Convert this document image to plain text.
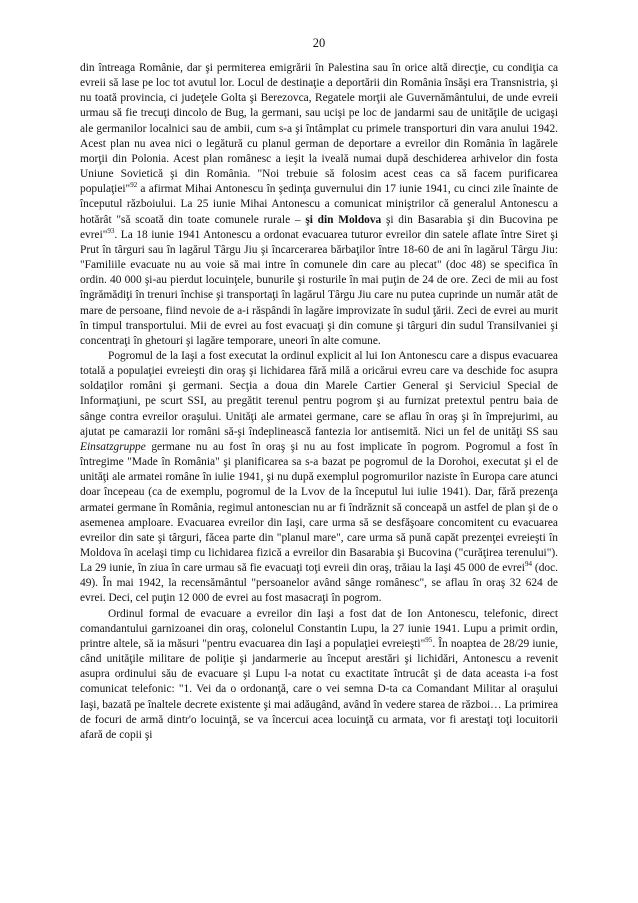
20

din întreaga Românie, dar şi permiterea emigrării în Palestina sau în orice altă direcţie, cu condiţia ca evreii să lase pe loc tot avutul lor. Locul de destinaţie a deportării din România însăşi era Transnistria, şi nu toată provincia, ci judeţele Golta şi Berezovca, Regatele morţii ale Guvernământului, de unde evreii urmau să fie trecuţi dincolo de Bug, la germani, sau ucişi pe loc de jandarmi sau de unităţile de ucigaşi ale germanilor localnici sau de ambii, cum s-a şi întâmplat cu primele transporturi din vara anului 1942. Acest plan nu avea nici o legătură cu planul german de deportare a evreilor din România în lagărele morţii din Polonia. Acest plan românesc a ieşit la iveală numai după deschiderea arhivelor din fosta Uniune Sovietică şi din România. "Noi trebuie să folosim acest ceas ca să facem purificarea populaţiei"$^{92}$ a afirmat Mihai Antonescu în şedinţa guvernului din 17 iunie 1941, cu cinci zile înainte de începutul războiului. La 25 iunie Mihai Antonescu a comunicat miniştrilor că generalul Antonescu a hotărât "să scoată din toate comunele rurale – şi din Moldova şi din Basarabia şi din Bucovina pe evrei"$^{93}$. La 18 iunie 1941 Antonescu a ordonat evacuarea tuturor evreilor din satele aflate între Siret şi Prut în târguri sau în lagărul Târgu Jiu şi încarcerarea bărbaţilor între 18-60 de ani în lagărul Târgu Jiu: "Familiile evacuate nu au voie să mai intre în comunele din care au plecat" (doc 48) se specifica în ordin. 40 000 şi-au pierdut locuinţele, bunurile şi rosturile în mai puţin de 24 de ore. Zeci de mii au fost îngrămădiţi în trenuri închise şi transportaţi în lagărul Târgu Jiu care nu putea cuprinde un număr atât de mare de persoane, fiind nevoie de a-i răspândi în lagăre improvizate în sudul ţării. Zeci de evrei au murit în timpul transportului. Mii de evrei au fost evacuaţi şi din comune şi târguri din sudul Transilvaniei şi concentraţi în ghetouri şi lagăre temporare, uneori în alte comune.

Pogromul de la Iaşi a fost executat la ordinul explicit al lui Ion Antonescu care a dispus evacuarea totală a populaţiei evreieşti din oraş şi lichidarea fără milă a oricărui evreu care va deschide foc asupra soldaţilor români şi germani. Secţia a doua din Marele Cartier General şi Serviciul Special de Informaţiuni, pe scurt SSI, au pregătit terenul pentru pogrom şi au furnizat pretextul pentru baia de sânge contra evreilor oraşului. Unităţi ale armatei germane, care se aflau în oraş şi în împrejurimi, au ajutat pe camarazii lor români să-şi îndeplinească fantezia lor antisemită. Nici un fel de unităţi SS sau Einsatzgruppe germane nu au fost în oraş şi nu au fost implicate în pogrom. Pogromul a fost în întregime "Made în România" şi planificarea sa s-a bazat pe pogromul de la Dorohoi, executat şi el de unităţi ale armatei române în iulie 1941, şi nu după exemplul pogromurilor naziste în Europa care atunci doar începeau (ca de exemplu, pogromul de la Lvov de la începutul lui iulie 1941). Dar, fără prezenţa armatei germane în România, regimul antonescian nu ar fi îndrăznit să conceapă un astfel de plan şi de o asemenea amploare. Evacuarea evreilor din Iaşi, care urma să se desfăşoare concomitent cu evacuarea evreilor din sate şi târguri, făcea parte din "planul mare", care urma să pună capăt prezenţei evreieşti în Moldova în acelaşi timp cu lichidarea fizică a evreilor din Basarabia şi Bucovina ("curăţirea terenului"). La 29 iunie, în ziua în care urmau să fie evacuaţi toţi evreii din oraş, trăiau la Iaşi 45 000 de evrei$^{94}$ (doc. 49). În mai 1942, la recensământul "persoanelor având sânge românesc", se aflau în oraş 32 624 de evrei. Deci, cel puţin 12 000 de evrei au fost masacraţi în pogrom.

Ordinul formal de evacuare a evreilor din Iaşi a fost dat de Ion Antonescu, telefonic, direct comandantului garnizoanei din oraş, colonelul Constantin Lupu, la 27 iunie 1941. Lupu a primit ordin, printre altele, să ia măsuri "pentru evacuarea din Iaşi a populaţiei evreieşti"$^{95}$. În noaptea de 28/29 iunie, când unităţile militare de poliţie şi jandarmerie au început arestări şi lichidări, Antonescu a revenit asupra ordinului său de evacuare şi Lupu l-a notat cu exactitate întrucât şi de data aceasta i-a fost comunicat telefonic: "1. Vei da o ordonanţă, care o vei semna D-ta ca Comandant Militar al oraşului Iaşi, bazată pe înaltele decrete existente şi mai adăugând, având în vedere starea de război… La primirea de focuri de armă dintr'o locuinţă, se va încercui acea locuinţă cu armata, vor fi arestaţi toţi locuitorii afară de copii şi
